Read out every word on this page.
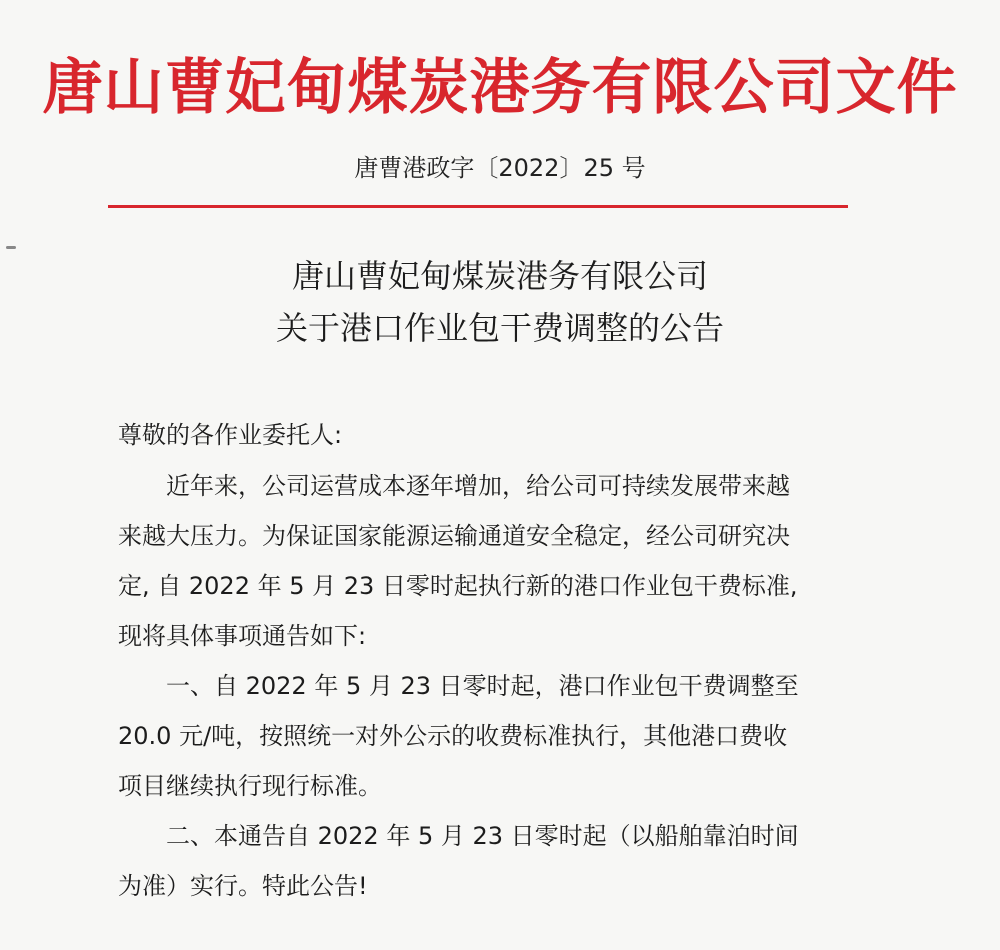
唐山曹妃甸煤炭港务有限公司文件
唐曹港政字〔2022〕25 号
唐山曹妃甸煤炭港务有限公司
关于港口作业包干费调整的公告
尊敬的各作业委托人:
近年来，公司运营成本逐年增加，给公司可持续发展带来越
来越大压力。为保证国家能源运输通道安全稳定，经公司研究决
定, 自 2022 年 5 月 23 日零时起执行新的港口作业包干费标准,
现将具体事项通告如下:
一、自 2022 年 5 月 23 日零时起，港口作业包干费调整至
20.0 元/吨，按照统一对外公示的收费标准执行，其他港口费收
项目继续执行现行标准。
二、本通告自 2022 年 5 月 23 日零时起（以船舶靠泊时间
为准）实行。特此公告!
